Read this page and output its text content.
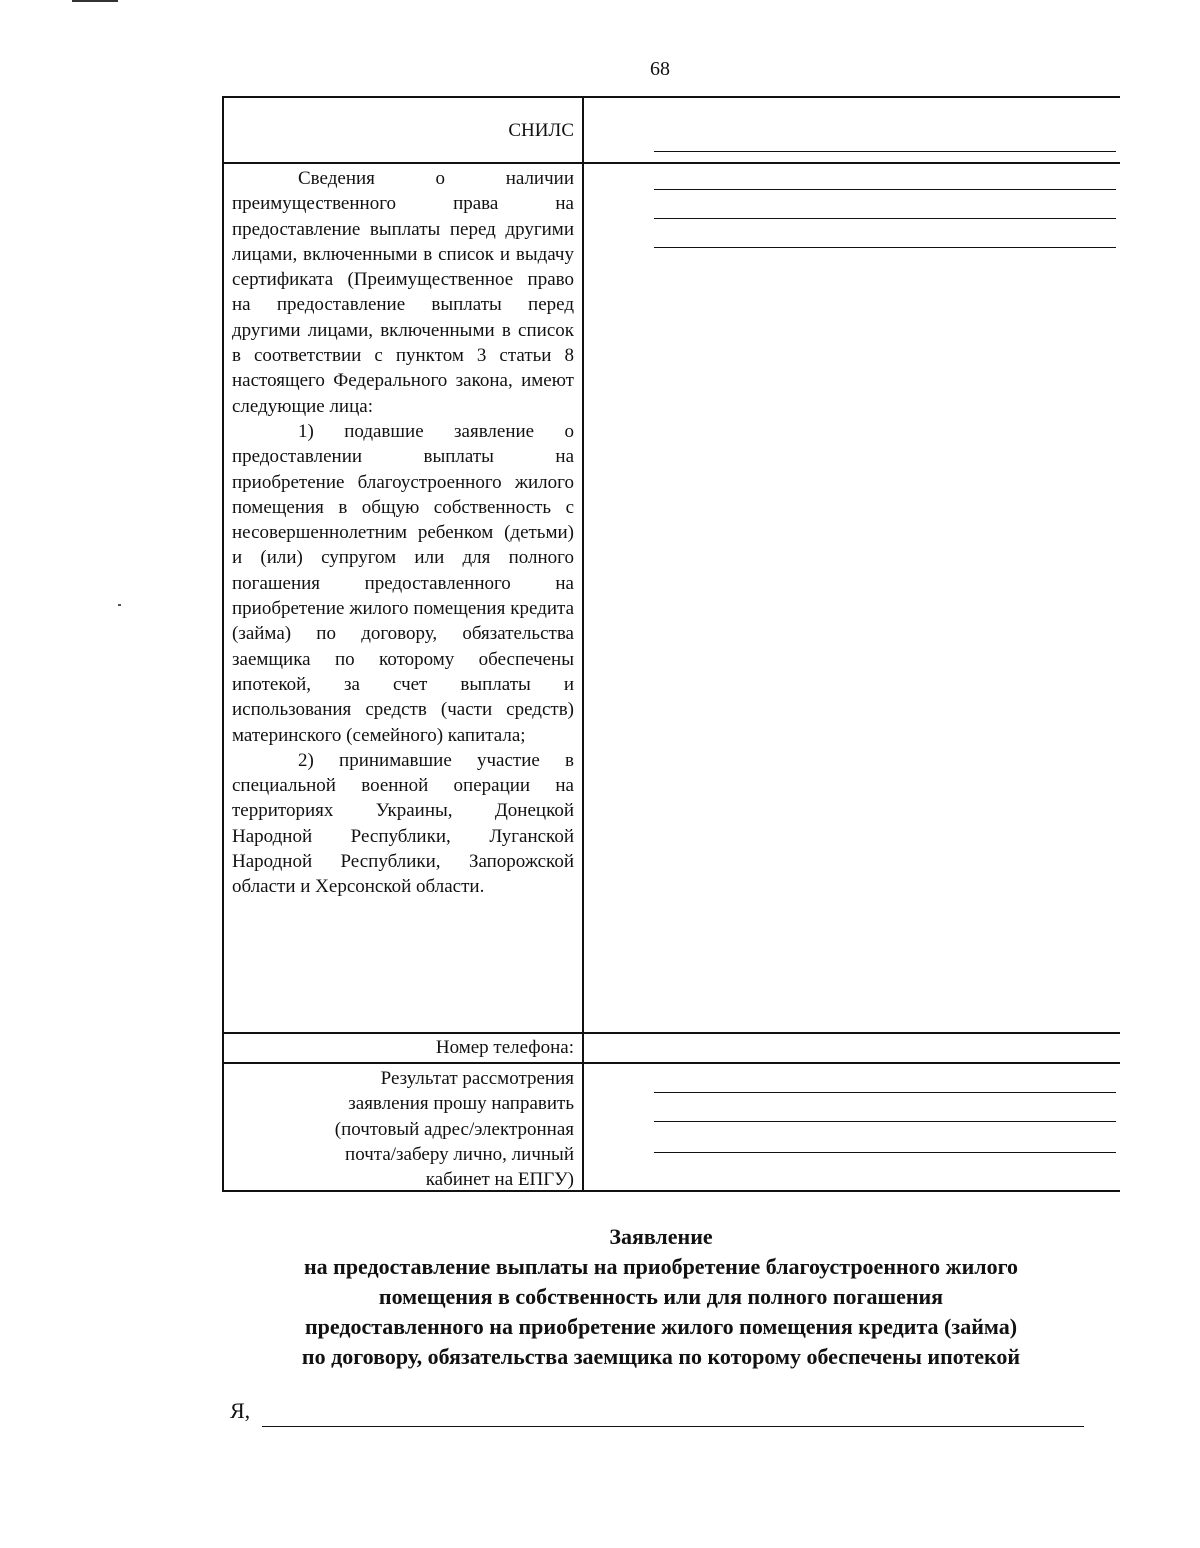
68
СНИЛС

Сведения о наличии преимущественного права на предоставление выплаты перед другими лицами, включенными в список и выдачу сертификата (Преимущественное право на предоставление выплаты перед другими лицами, включенными в список в соответствии с пунктом 3 статьи 8 настоящего Федерального закона, имеют следующие лица:

1) подавшие заявление о предоставлении выплаты на приобретение благоустроенного жилого помещения в общую собственность с несовершеннолетним ребенком (детьми) и (или) супругом или для полного погашения предоставленного на приобретение жилого помещения кредита (займа) по договору, обязательства заемщика по которому обеспечены ипотекой, за счет выплаты и использования средств (части средств) материнского (семейного) капитала;

2) принимавшие участие в специальной военной операции на территориях Украины, Донецкой Народной Республики, Луганской Народной Республики, Запорожской области и Херсонской области.

Номер телефона:
Результат рассмотрения
заявления прошу направить
(почтовый адрес/электронная
почта/заберу лично, личный
кабинет на ЕПГУ)
Заявление
на предоставление выплаты на приобретение благоустроенного жилого
помещения в собственность или для полного погашения
предоставленного на приобретение жилого помещения кредита (займа)
по договору, обязательства заемщика по которому обеспечены ипотекой
Я,
